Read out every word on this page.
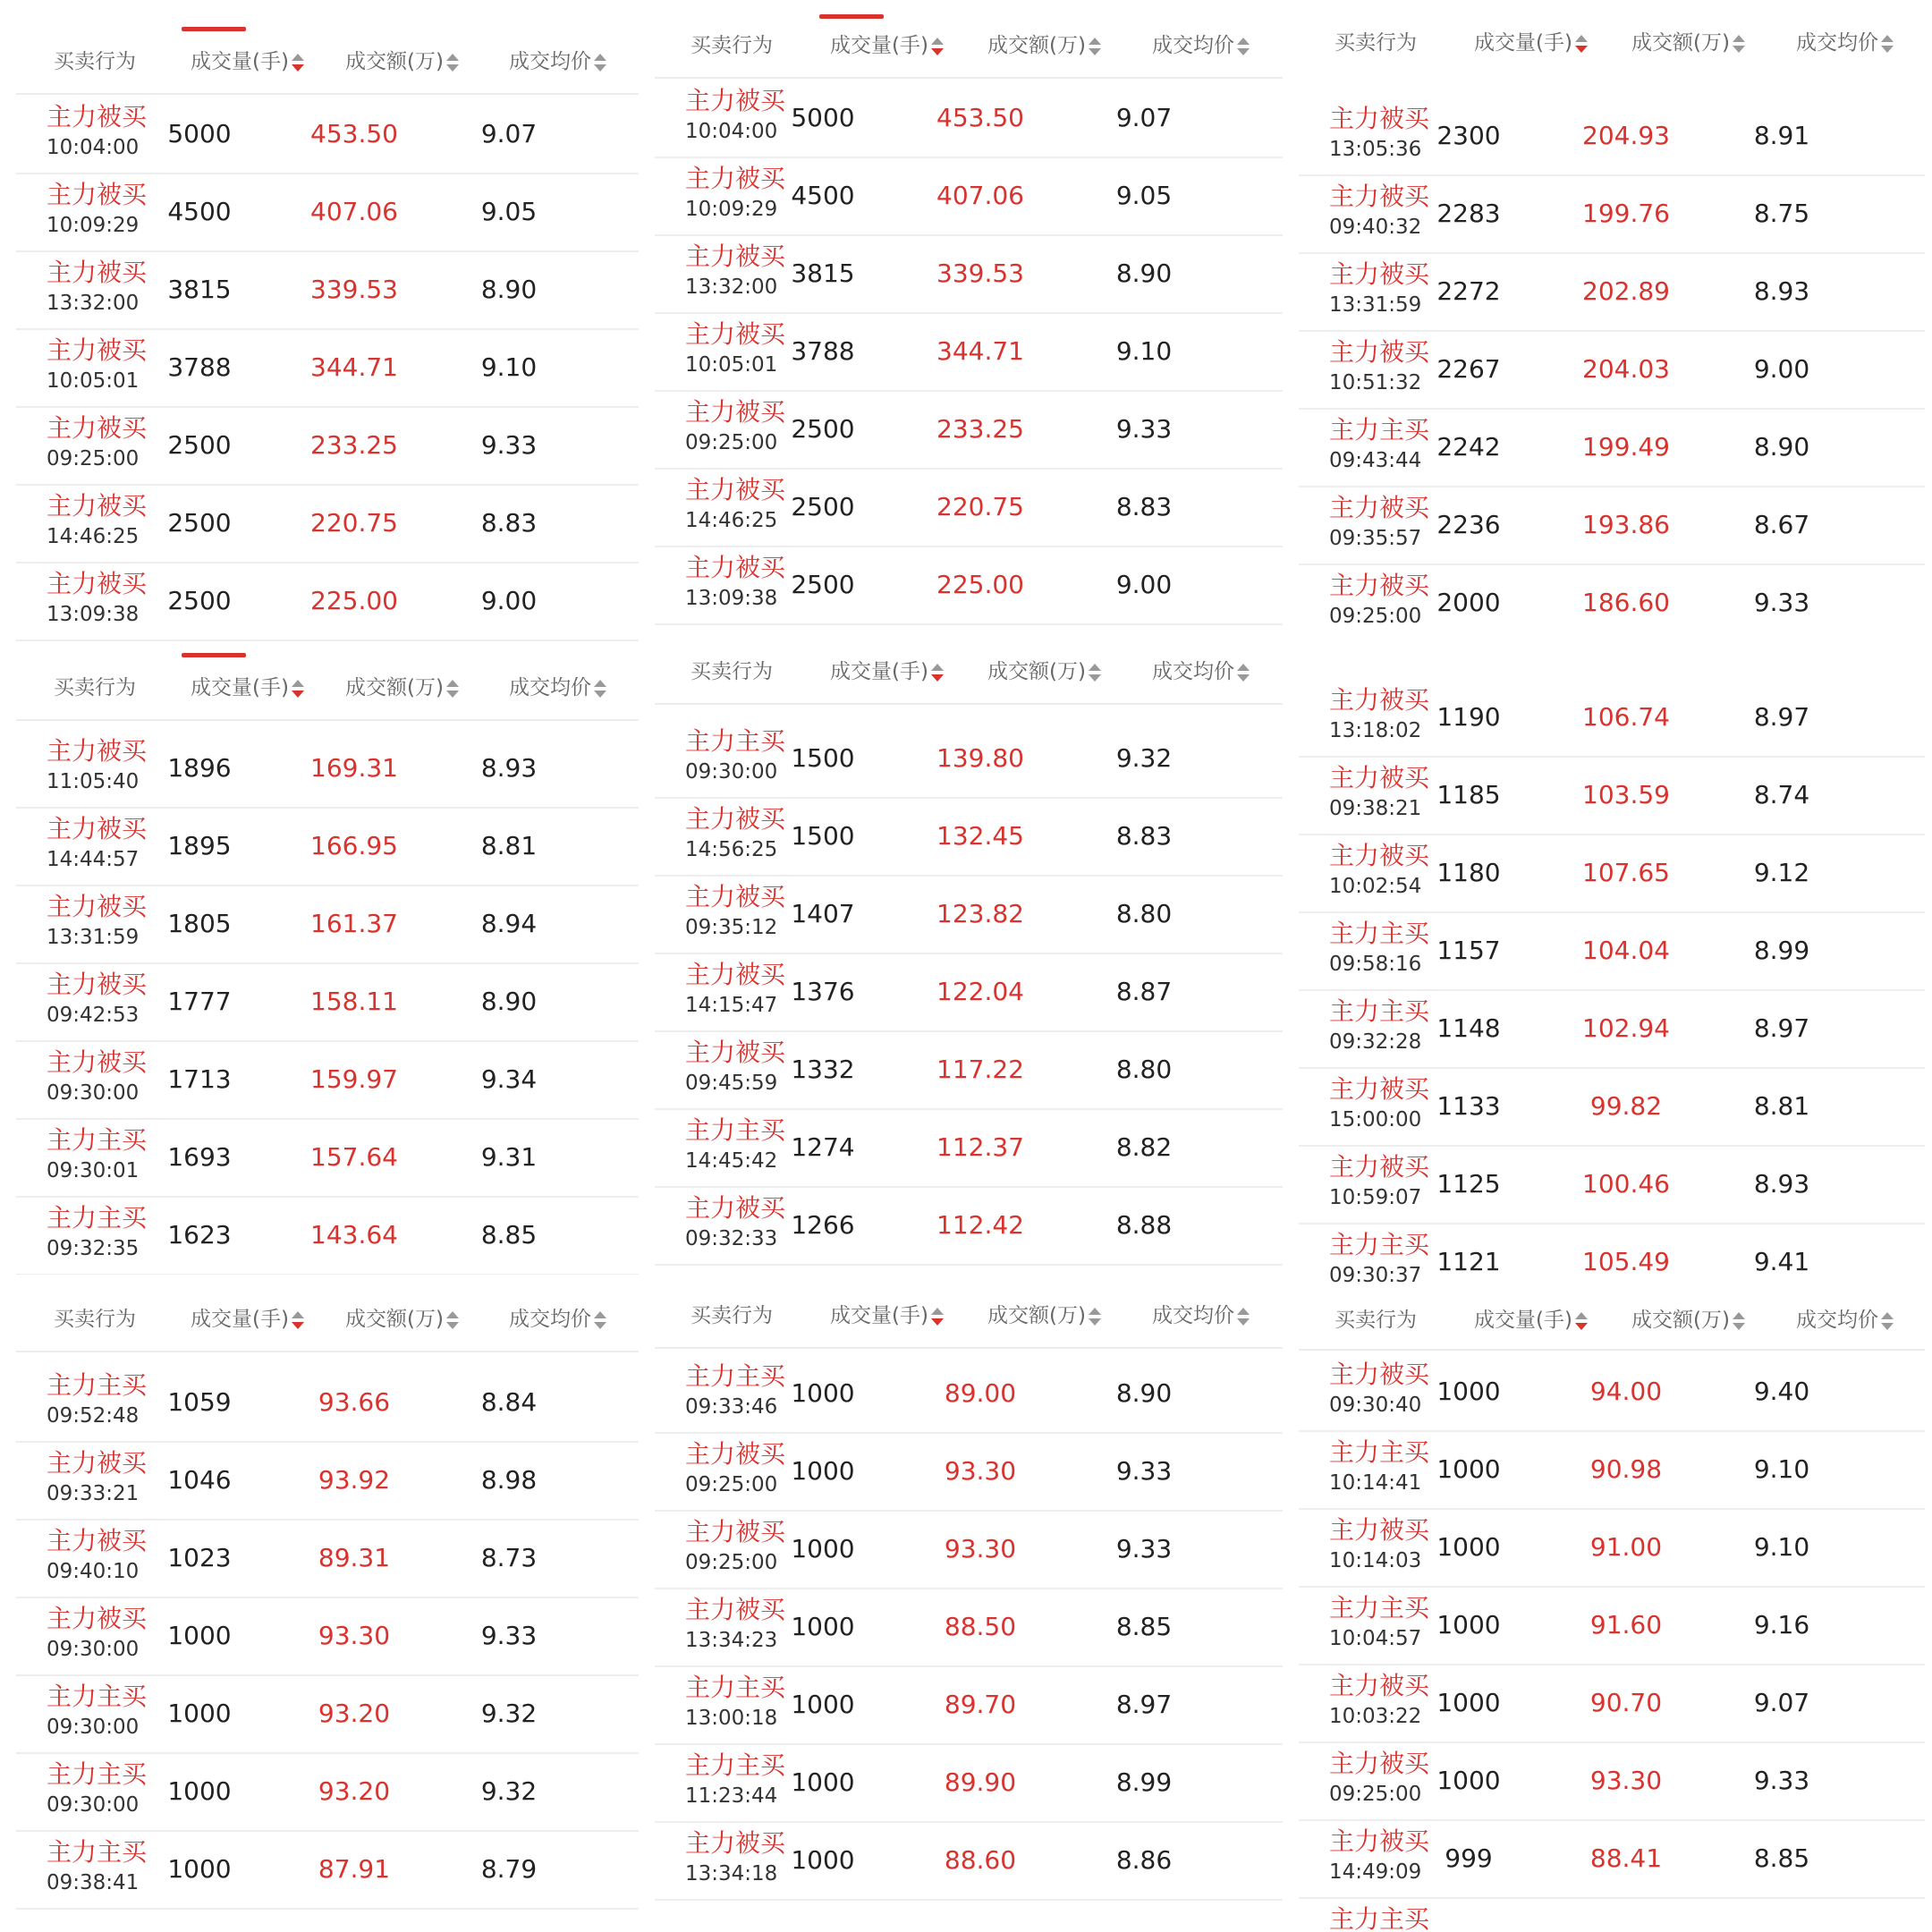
买卖行为	成交量(手)	成交额(万)	成交均价
主力被买
10:04:00	5000	453.50	9.07
主力被买
10:09:29	4500	407.06	9.05
主力被买
13:32:00	3815	339.53	8.90
主力被买
10:05:01	3788	344.71	9.10
主力被买
09:25:00	2500	233.25	9.33
主力被买
14:46:25	2500	220.75	8.83
主力被买
13:09:38	2500	225.00	9.00
买卖行为	成交量(手)	成交额(万)	成交均价
主力被买
11:05:40	1896	169.31	8.93
主力被买
14:44:57	1895	166.95	8.81
主力被买
13:31:59	1805	161.37	8.94
主力被买
09:42:53	1777	158.11	8.90
主力被买
09:30:00	1713	159.97	9.34
主力主买
09:30:01	1693	157.64	9.31
主力主买
09:32:35	1623	143.64	8.85
买卖行为	成交量(手)	成交额(万)	成交均价
主力主买
09:52:48	1059	93.66	8.84
主力被买
09:33:21	1046	93.92	8.98
主力被买
09:40:10	1023	89.31	8.73
主力被买
09:30:00	1000	93.30	9.33
主力主买
09:30:00	1000	93.20	9.32
主力主买
09:30:00	1000	93.20	9.32
主力主买
09:38:41	1000	87.91	8.79
买卖行为	成交量(手)	成交额(万)	成交均价
主力被买
10:04:00 5000	453.50	9.07
主力被买
10:09:29 4500	407.06	9.05
主力被买
13:32:00 3815	339.53	8.90
主力被买
10:05:01 3788	344.71	9.10
主力被买
09:25:00 2500	233.25	9.33
主力被买
14:46:25 2500	220.75	8.83
主力被买
13:09:38 2500	225.00	9.00
买卖行为	成交量(手)	成交额(万)	成交均价
主力主买
09:30:00 1500	139.80	9.32
主力被买
14:56:25 1500	132.45	8.83
主力被买
09:35:12 1407	123.82	8.80
主力被买
14:15:47 1376	122.04	8.87
主力被买
09:45:59 1332	117.22	8.80
主力主买
14:45:42 1274	112.37	8.82
主力被买
09:32:33 1266	112.42	8.88
买卖行为	成交量(手)	成交额(万)	成交均价
主力主买
09:33:46 1000	89.00	8.90
主力被买
09:25:00 1000	93.30	9.33
主力被买
09:25:00 1000	93.30	9.33
主力被买
13:34:23 1000	88.50	8.85
主力主买
13:00:18 1000	89.70	8.97
主力主买
11:23:44 1000	89.90	8.99
主力被买
13:34:18 1000	88.60	8.86
买卖行为	成交量(手)	成交额(万)	成交均价
主力被买
13:05:36 2300	204.93	8.91
主力被买
09:40:32 2283	199.76	8.75
主力被买
13:31:59 2272	202.89	8.93
主力被买
10:51:32 2267	204.03	9.00
主力主买
09:43:44 2242	199.49	8.90
主力被买
09:35:57 2236	193.86	8.67
主力被买
09:25:00 2000	186.60	9.33
主力被买
13:18:02 1190	106.74	8.97
主力被买
09:38:21 1185	103.59	8.74
主力被买
10:02:54 1180	107.65	9.12
主力主买
09:58:16 1157	104.04	8.99
主力主买
09:32:28 1148	102.94	8.97
主力被买
15:00:00 1133	99.82	8.81
主力被买
10:59:07 1125	100.46	8.93
主力主买
09:30:37 1121	105.49	9.41
买卖行为	成交量(手)	成交额(万)	成交均价
主力被买
09:30:40 1000	94.00	9.40
主力主买
10:14:41 1000	90.98	9.10
主力被买
10:14:03 1000	91.00	9.10
主力主买
10:04:57 1000	91.60	9.16
主力被买
10:03:22 1000	90.70	9.07
主力被买
09:25:00 1000	93.30	9.33
主力被买
14:49:09 999	88.41	8.85
主力主买
